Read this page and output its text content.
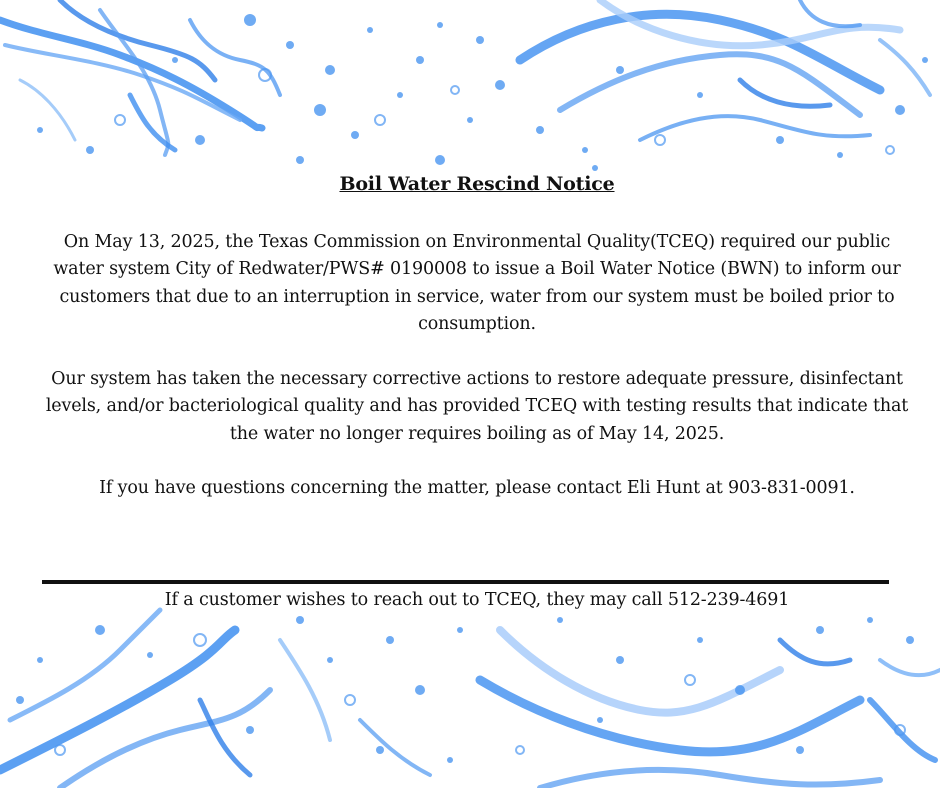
Boil Water Rescind Notice

On May 13, 2025, the Texas Commission on Environmental Quality(TCEQ) required our public water system City of Redwater/PWS# 0190008 to issue a Boil Water Notice (BWN) to inform our customers that due to an interruption in service, water from our system must be boiled prior to consumption.

Our system has taken the necessary corrective actions to restore adequate pressure, disinfectant levels, and/or bacteriological quality and has provided TCEQ with testing results that indicate that the water no longer requires boiling as of May 14, 2025.

If you have questions concerning the matter, please contact Eli Hunt at 903-831-0091.

If a customer wishes to reach out to TCEQ, they may call 512-239-4691
